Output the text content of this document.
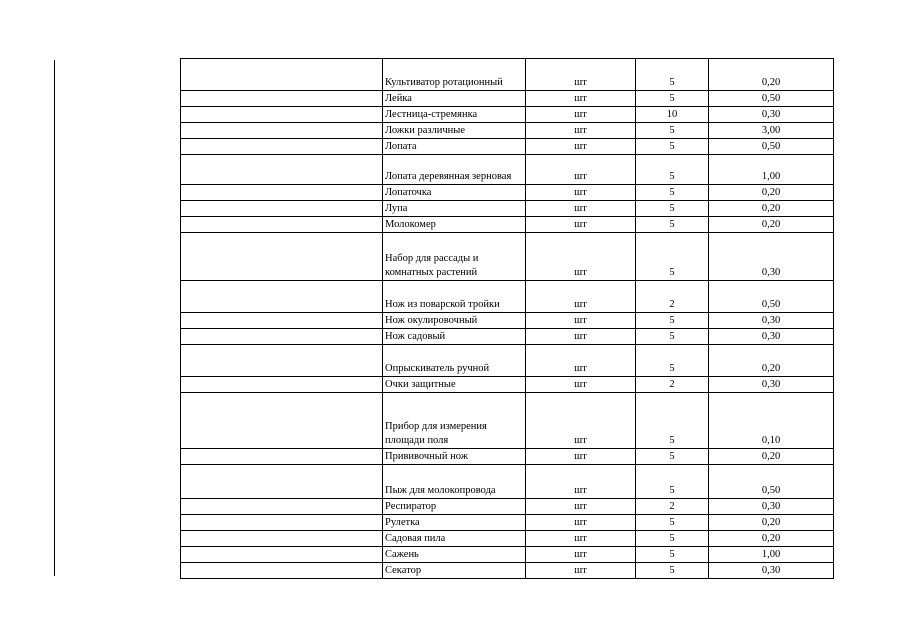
	Культиватор ротационный	шт	5	0,20
	Лейка	шт	5	0,50
	Лестница-стремянка	шт	10	0,30
	Ложки различные	шт	5	3,00
	Лопата	шт	5	0,50
	Лопата деревянная зерновая	шт	5	1,00
	Лопаточка	шт	5	0,20
	Лупа	шт	5	0,20
	Молокомер	шт	5	0,20
	Набор для рассады и комнатных растений	шт	5	0,30
	Нож из поварской тройки	шт	2	0,50
	Нож окулировочный	шт	5	0,30
	Нож садовый	шт	5	0,30
	Опрыскиватель ручной	шт	5	0,20
	Очки защитные	шт	2	0,30
	Прибор для измерения площади поля	шт	5	0,10
	Прививочный нож	шт	5	0,20
	Пыж для молокопровода	шт	5	0,50
	Респиратор	шт	2	0,30
	Рулетка	шт	5	0,20
	Садовая пила	шт	5	0,20
	Сажень	шт	5	1,00
	Секатор	шт	5	0,30
